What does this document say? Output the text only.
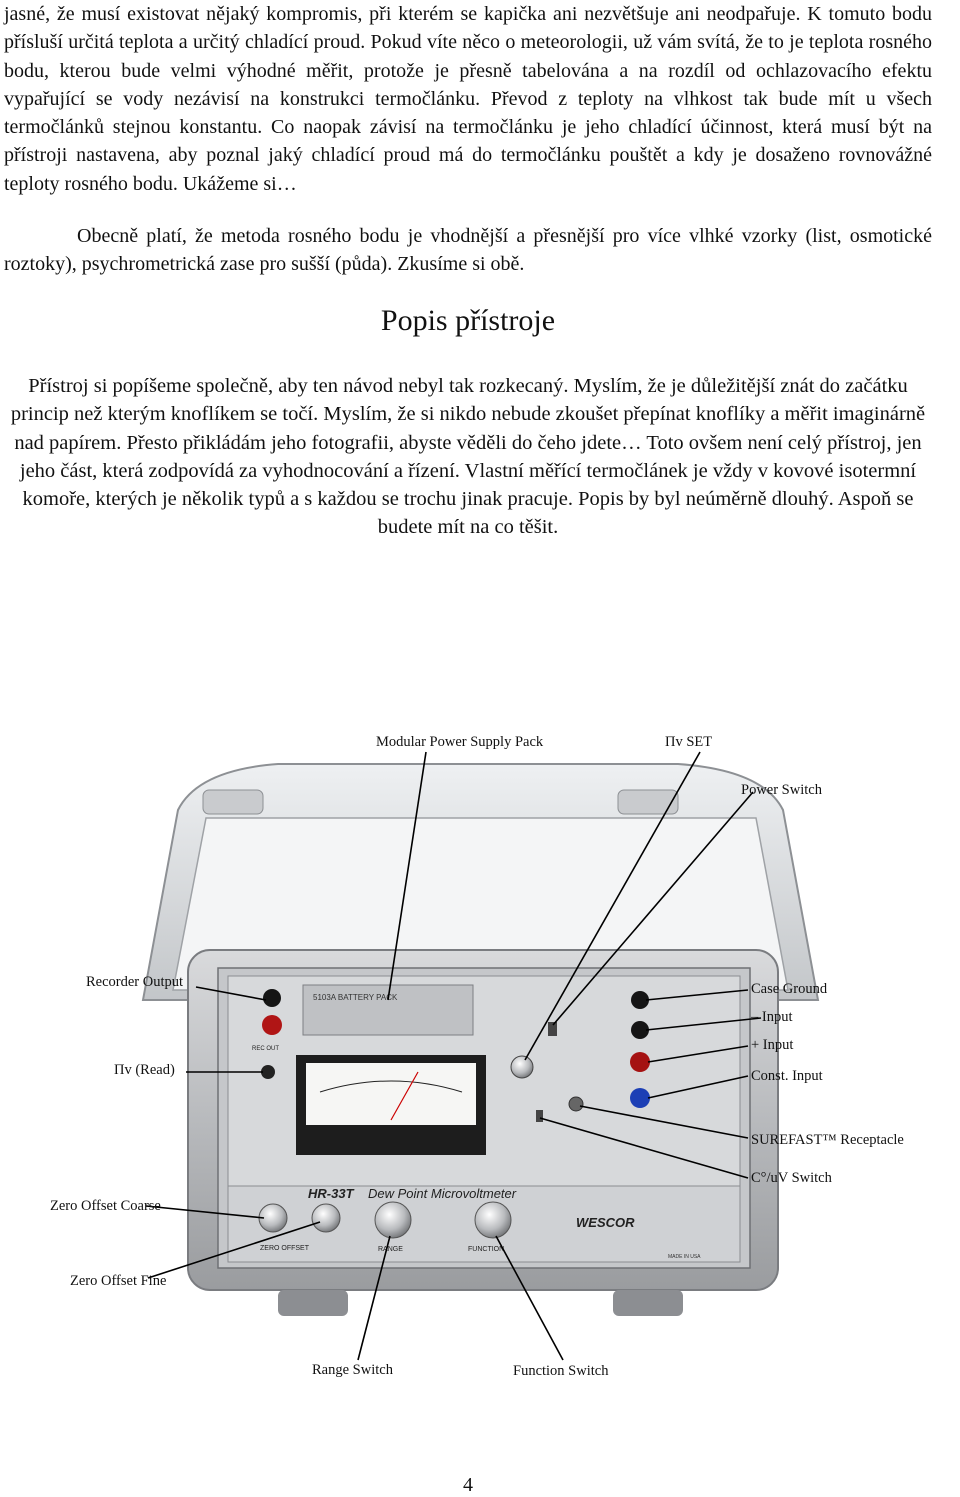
jasné, že musí existovat nějaký kompromis, při kterém se kapička ani nezvětšuje ani neodpařuje. K tomuto bodu přísluší určitá teplota a určitý chladící proud. Pokud víte něco o meteorologii, už vám svítá, že to je teplota rosného bodu, kterou bude velmi výhodné měřit, protože je přesně tabelována a na rozdíl od ochlazovacího efektu vypařující se vody nezávisí na konstrukci termočlánku. Převod z teploty na vlhkost tak bude mít u všech termočlánků stejnou konstantu. Co naopak závisí na termočlánku je jeho chladící účinnost, která musí být na přístroji nastavena, aby poznal jaký chladící proud má do termočlánku pouštět a kdy je dosaženo rovnovážné teploty rosného bodu. Ukážeme si…

Obecně platí, že metoda rosného bodu je vhodnější a přesnější pro více vlhké vzorky (list, osmotické roztoky), psychrometrická zase pro sušší (půda). Zkusíme si obě.

Popis přístroje

Přístroj si popíšeme společně, aby ten návod nebyl tak rozkecaný. Myslím, že je důležitější znát do začátku princip než kterým knoflíkem se točí. Myslím, že si nikdo nebude zkoušet přepínat knoflíky a měřit imaginárně nad papírem. Přesto přikládám jeho fotografii, abyste věděli do čeho jdete… Toto ovšem není celý přístroj, jen jeho část, která zodpovídá za vyhodnocování a řízení. Vlastní měřící termočlánek je vždy v kovové isotermní komoře, kterých je několik typů a s každou se trochu jinak pracuje. Popis by byl neúměrně dlouhý. Aspoň se budete mít na co těšit.

5103A BATTERY PACK
HR-33T Dew Point Microvoltmeter
WESCOR
REC OUT
MADE IN USA
ZERO OFFSET	RANGE	FUNCTION
Modular Power Supply Pack	Πv SET
Power Switch
Recorder Output
Πv (Read)
Case Ground
– Input
+ Input
Const. Input
SUREFAST™ Receptacle
C°/uV Switch
Zero Offset Coarse
Zero Offset Fine
Range Switch	Function Switch

4
